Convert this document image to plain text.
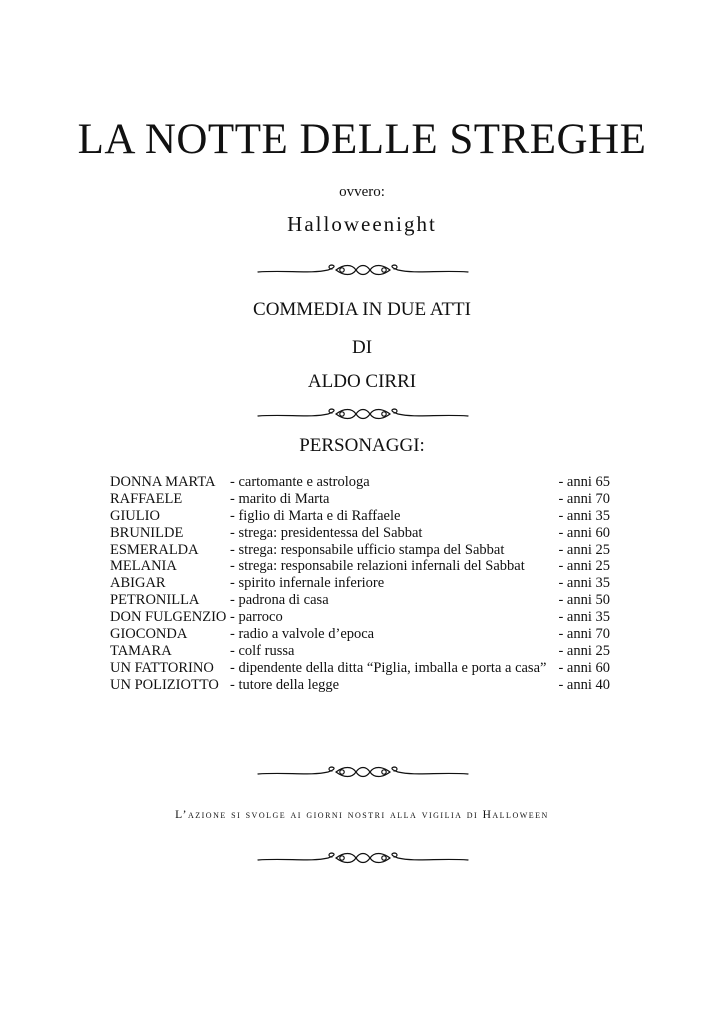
LA NOTTE DELLE STREGHE
ovvero:
Halloweenight
COMMEDIA IN DUE ATTI
DI
ALDO CIRRI
PERSONAGGI:
DONNA MARTA - cartomante e astrologa	- anni 65
RAFFAELE	- marito di Marta	- anni 70
GIULIO	- figlio di Marta e di Raffaele	- anni 35
BRUNILDE	- strega: presidentessa del Sabbat	- anni 60
ESMERALDA - strega: responsabile ufficio stampa del Sabbat	- anni 25
MELANIA	- strega: responsabile relazioni infernali del Sabbat - anni 25
ABIGAR	- spirito infernale inferiore	- anni 35
PETRONILLA - padrona di casa	- anni 50
DON FULGENZIO - parroco	- anni 35
GIOCONDA	- radio a valvole d’epoca	- anni 70
TAMARA	- colf russa	- anni 25
UN FATTORINO - dipendente della ditta “Piglia, imballa e porta a casa” - anni 60
UN POLIZIOTTO - tutore della legge	- anni 40
L’azione si svolge ai giorni nostri alla vigilia di Halloween
